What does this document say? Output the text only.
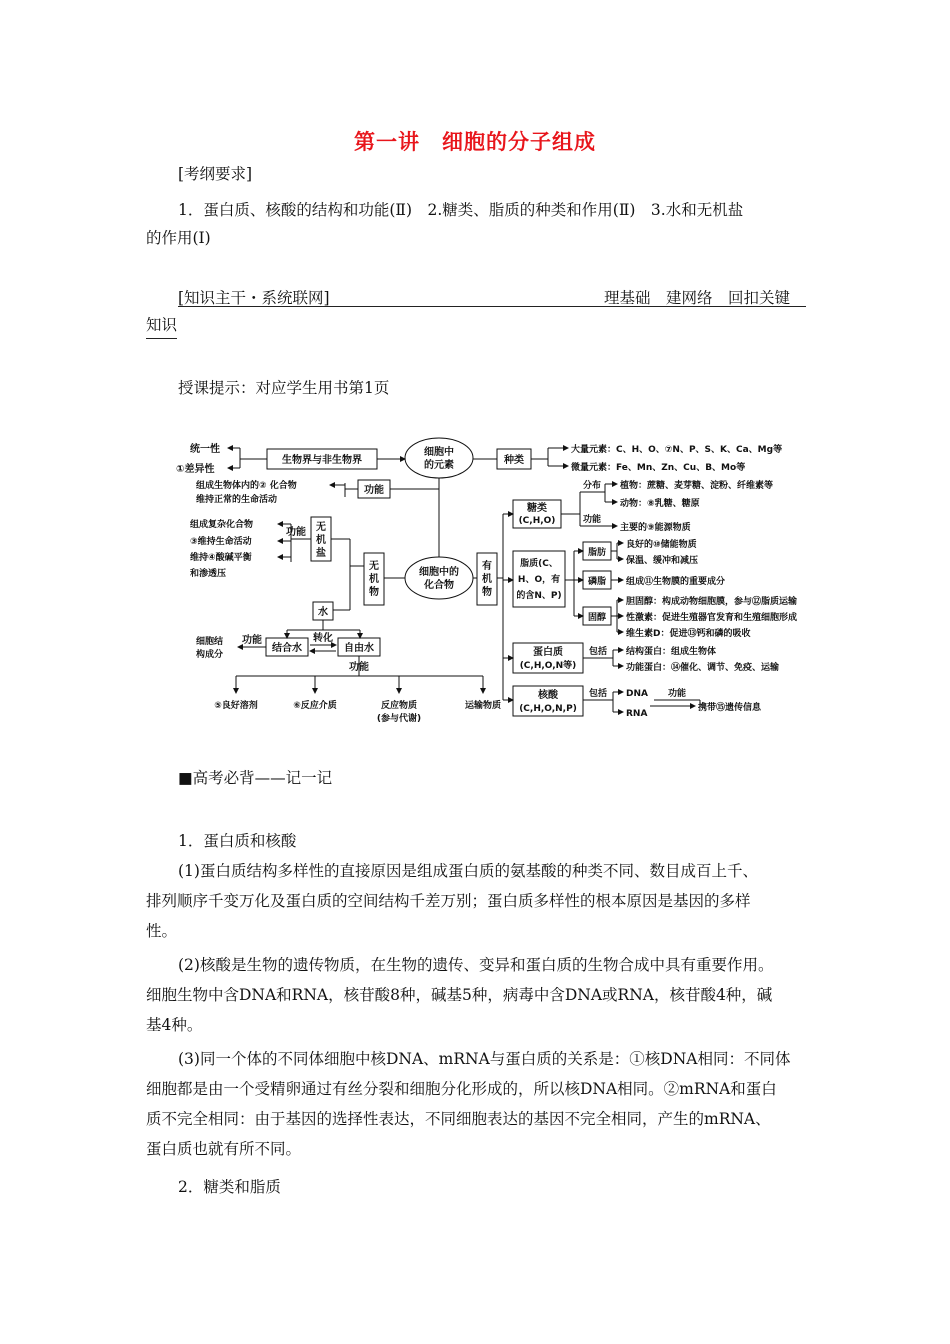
第一讲　细胞的分子组成
[考纲要求]
1．蛋白质、核酸的结构和功能(Ⅱ)　2.糖类、脂质的种类和作用(Ⅱ)　3.水和无机盐
的作用(Ⅰ)
[知识主干・系统联网]	理基础　建网络　回扣关键
知识
授课提示：对应学生用书第1页
细胞中
的元素
细胞中的
化合物
生物界与非生物界
统一性
①差异性
种类
大量元素：C、H、O、⑦N、P、S、K、Ca、Mg等
微量元素：Fe、Mn、Zn、Cu、B、Mo等
功能
组成生物体内的② 化合物
维持正常的生命活动
无
机
盐
功能
组成复杂化合物
③维持生命活动
维持④酸碱平衡
和渗透压
无
机
物
有
机
物
水
结合水	自由水
转化
功能
细胞结
构成分
功能
⑤良好溶剂	⑥反应介质	反应物质
(参与代谢)
运输物质
糖类
(C,H,O)
分布 植物：蔗糖、麦芽糖、淀粉、纤维素等
动物：⑧乳糖、糖原
功能
主要的⑨能源物质
脂质(C、
H、O，有
的含N、P)
脂肪
磷脂
固醇
良好的⑩储能物质
保温、缓冲和减压
组成⑪生物膜的重要成分
胆固醇：构成动物细胞膜，参与⑫脂质运输
性激素：促进生殖器官发育和生殖细胞形成
维生素D：促进⑬钙和磷的吸收
蛋白质
(C,H,O,N等)
包括 结构蛋白：组成生物体
功能蛋白：⑭催化、调节、免疫、运输
核酸
(C,H,O,N,P)
包括 DNA
RNA
功能
携带⑮遗传信息
■高考必背——记一记
1．蛋白质和核酸
(1)蛋白质结构多样性的直接原因是组成蛋白质的氨基酸的种类不同、数目成百上千、
排列顺序千变万化及蛋白质的空间结构千差万别；蛋白质多样性的根本原因是基因的多样
性。
(2)核酸是生物的遗传物质，在生物的遗传、变异和蛋白质的生物合成中具有重要作用。
细胞生物中含DNA和RNA，核苷酸8种，碱基5种，病毒中含DNA或RNA，核苷酸4种，碱
基4种。
(3)同一个体的不同体细胞中核DNA、mRNA与蛋白质的关系是：①核DNA相同：不同体
细胞都是由一个受精卵通过有丝分裂和细胞分化形成的，所以核DNA相同。②mRNA和蛋白
质不完全相同：由于基因的选择性表达，不同细胞表达的基因不完全相同，产生的mRNA、
蛋白质也就有所不同。
2．糖类和脂质
